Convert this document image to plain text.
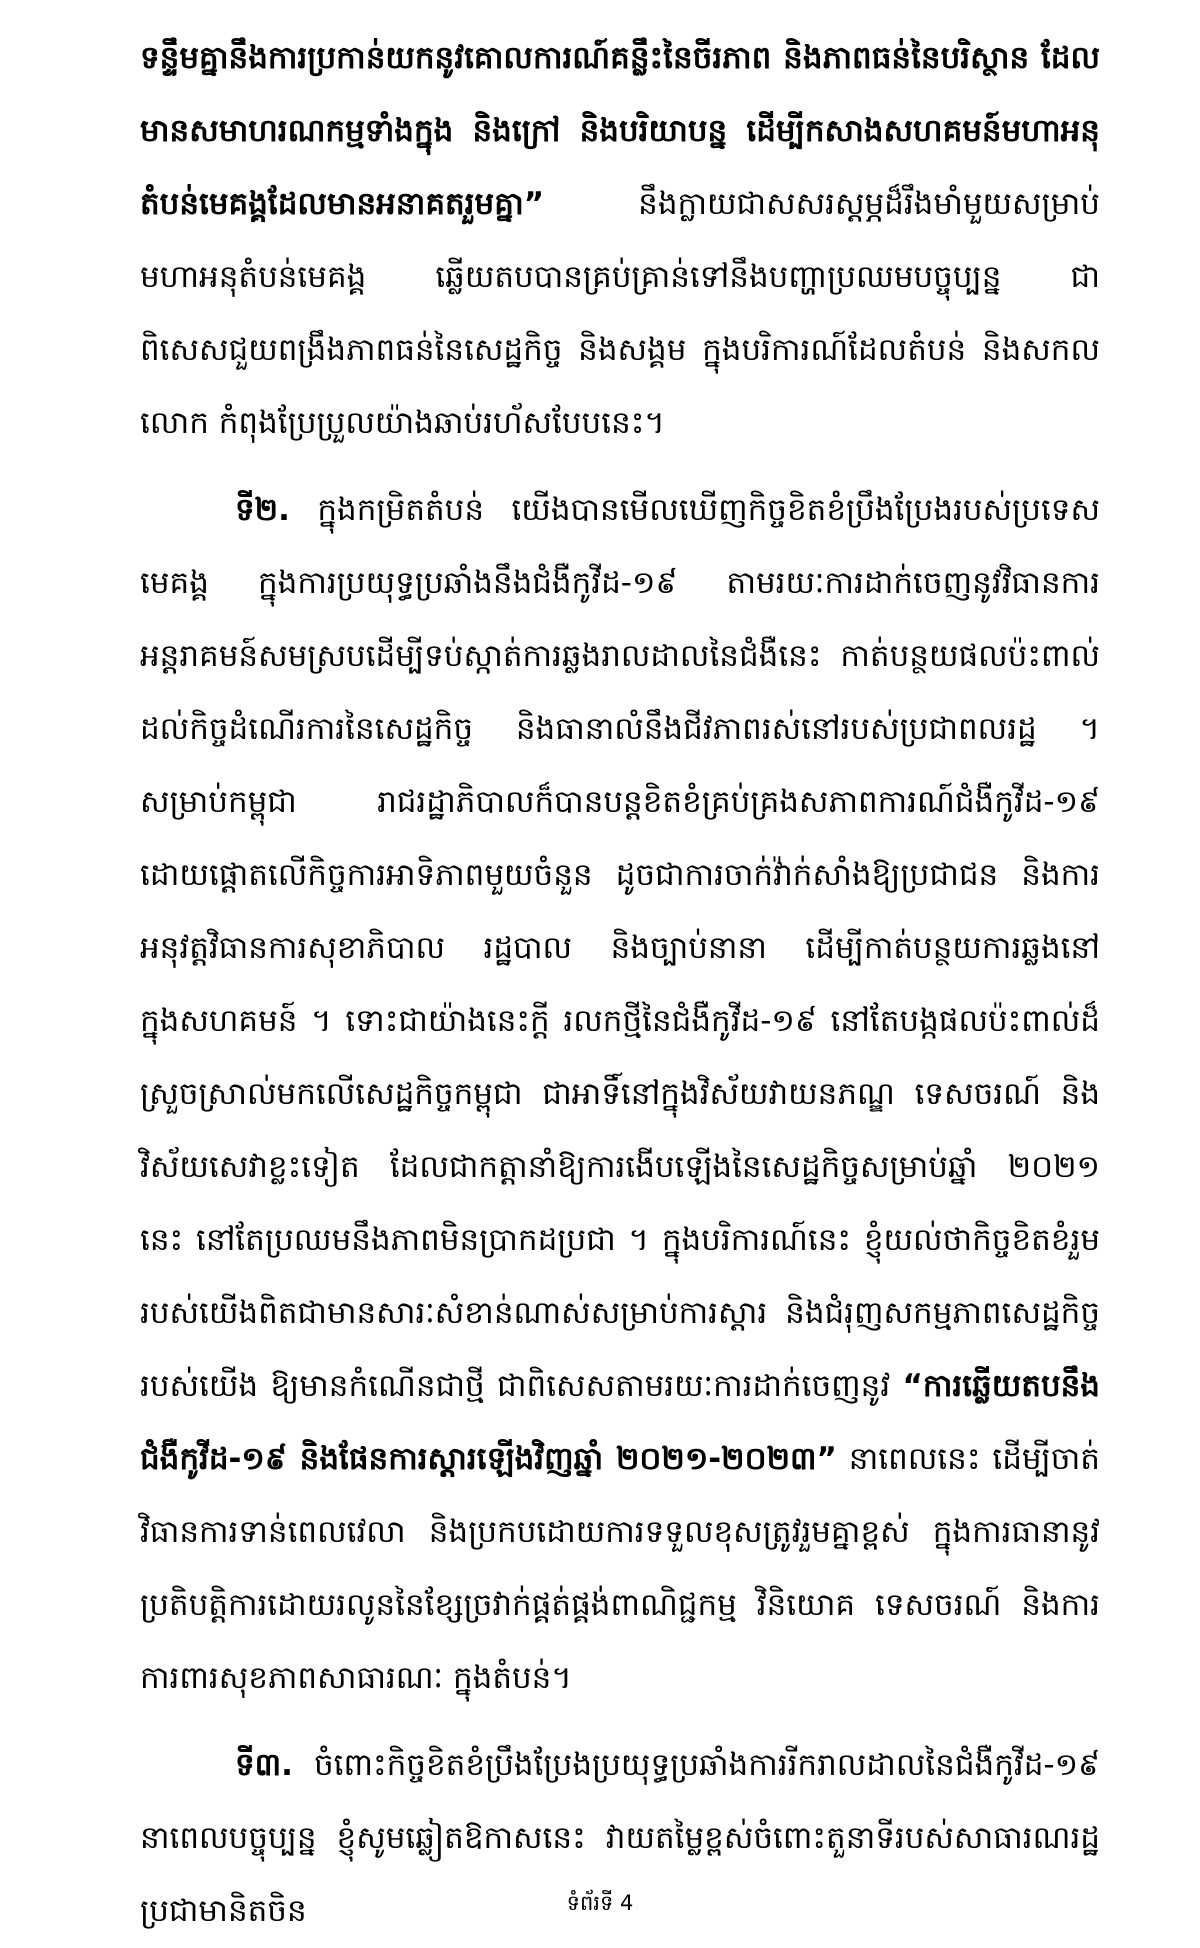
ទន្ទឹមគ្នានឹងការប្រកាន់យកនូវគោលការណ៍គន្លឹះនៃចីរភាព និងភាពធន់នៃបរិស្ថាន ដែលមានសមាហរណកម្មទាំងក្នុង និងក្រៅ និងបរិយាបន្ន ដើម្បីកសាងសហគមន៍មហាអនុតំបន់មេគង្គដែលមានអនាគតរួមគ្នា” នឹងក្លាយជាសសរស្តម្ភដ៏រឹងមាំមួយសម្រាប់មហាអនុតំបន់មេគង្គ ឆ្លើយតបបានគ្រប់គ្រាន់ទៅនឹងបញ្ហាប្រឈមបច្ចុប្បន្ន ជាពិសេសជួយពង្រឹងភាពធន់នៃសេដ្ឋកិច្ច និងសង្គម ក្នុងបរិការណ៍ដែលតំបន់ និងសកលលោក កំពុងប្រែប្រួលយ៉ាងឆាប់រហ័សបែបនេះ។

ទី២. ក្នុងកម្រិតតំបន់ យើងបានមើលឃើញកិច្ចខិតខំប្រឹងប្រែងរបស់ប្រទេសមេគង្គ ក្នុងការប្រយុទ្ធប្រឆាំងនឹងជំងឺកូវីដ-១៩ តាមរយៈការដាក់ចេញនូវវិធានការអន្តរាគមន៍សមស្របដើម្បីទប់ស្កាត់ការឆ្លងរាលដាលនៃជំងឺនេះ កាត់បន្ថយផលប៉ះពាល់ដល់កិច្ចដំណើរការនៃសេដ្ឋកិច្ច និងធានាលំនឹងជីវភាពរស់នៅរបស់ប្រជាពលរដ្ឋ ។ សម្រាប់កម្ពុជា រាជរដ្ឋាភិបាលក៏បានបន្តខិតខំគ្រប់គ្រងសភាពការណ៍ជំងឺកូវីដ-១៩ ដោយផ្តោតលើកិច្ចការអាទិភាពមួយចំនួន ដូចជាការចាក់វ៉ាក់សាំងឱ្យប្រជាជន និងការអនុវត្តវិធានការសុខាភិបាល រដ្ឋបាល និងច្បាប់នានា ដើម្បីកាត់បន្ថយការឆ្លងនៅក្នុងសហគមន៍ ។ ទោះជាយ៉ាងនេះក្តី រលកថ្មីនៃជំងឺកូវីដ-១៩ នៅតែបង្កផលប៉ះពាល់ដ៏ស្រួចស្រាល់មកលើសេដ្ឋកិច្ចកម្ពុជា ជាអាទិ៍នៅក្នុងវិស័យវាយនភណ្ឌ ទេសចរណ៍ និងវិស័យសេវាខ្លះទៀត ដែលជាកត្តានាំឱ្យការងើបឡើងនៃសេដ្ឋកិច្ចសម្រាប់ឆ្នាំ ២០២១ នេះ នៅតែប្រឈមនឹងភាពមិនប្រាកដប្រជា ។ ក្នុងបរិការណ៍នេះ ខ្ញុំយល់ថាកិច្ចខិតខំរួមរបស់យើងពិតជាមានសារៈសំខាន់ណាស់សម្រាប់ការស្តារ និងជំរុញសកម្មភាពសេដ្ឋកិច្ចរបស់យើង ឱ្យមានកំណើនជាថ្មី ជាពិសេសតាមរយៈការដាក់ចេញនូវ “ការឆ្លើយតបនឹងជំងឺកូវីដ-១៩ និងផែនការស្តារឡើងវិញឆ្នាំ ២០២១-២០២៣” នាពេលនេះ ដើម្បីចាត់វិធានការទាន់ពេលវេលា និងប្រកបដោយការទទួលខុសត្រូវរួមគ្នាខ្ពស់ ក្នុងការធានានូវប្រតិបត្តិការដោយរលូននៃខ្សែច្រវាក់ផ្គត់ផ្គង់ពាណិជ្ជកម្ម វិនិយោគ ទេសចរណ៍ និងការការពារសុខភាពសាធារណៈ ក្នុងតំបន់។

ទី៣. ចំពោះកិច្ចខិតខំប្រឹងប្រែងប្រយុទ្ធប្រឆាំងការរីករាលដាលនៃជំងឺកូវីដ-១៩ នាពេលបច្ចុប្បន្ន ខ្ញុំសូមឆ្លៀតឱកាសនេះ វាយតម្លៃខ្ពស់ចំពោះតួនាទីរបស់សាធារណរដ្ឋប្រជាមានិតចិន	ទំព័រទី 4
